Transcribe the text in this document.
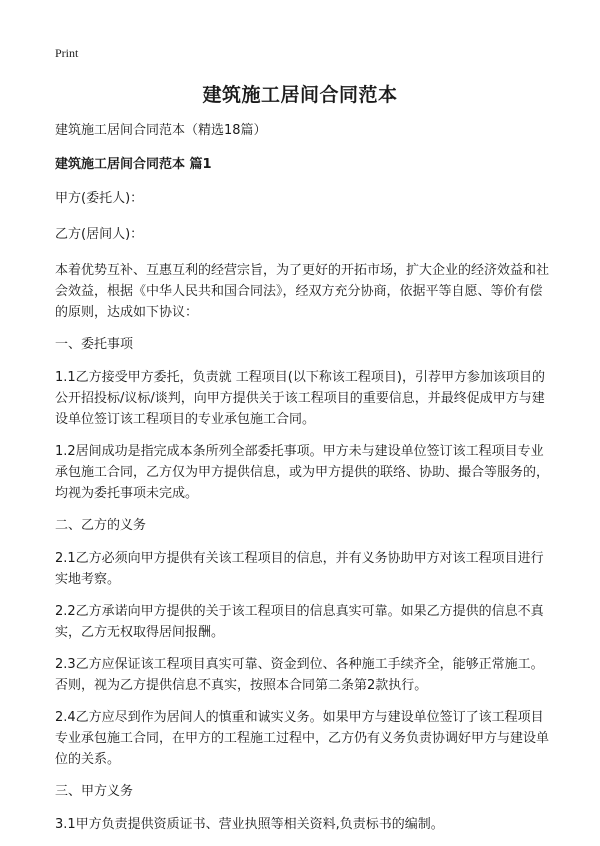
Print
建筑施工居间合同范本

建筑施工居间合同范本（精选18篇）

建筑施工居间合同范本 篇1

甲方(委托人)：

乙方(居间人)：

本着优势互补、互惠互利的经营宗旨，为了更好的开拓市场，扩大企业的经济效益和社会效益，根据《中华人民共和国合同法》，经双方充分协商，依据平等自愿、等价有偿的原则，达成如下协议：

一、委托事项

1.1乙方接受甲方委托，负责就 工程项目(以下称该工程项目)，引荐甲方参加该项目的公开招投标/议标/谈判，向甲方提供关于该工程项目的重要信息，并最终促成甲方与建设单位签订该工程项目的专业承包施工合同。

1.2居间成功是指完成本条所列全部委托事项。甲方未与建设单位签订该工程项目专业承包施工合同，乙方仅为甲方提供信息，或为甲方提供的联络、协助、撮合等服务的，均视为委托事项未完成。

二、乙方的义务

2.1乙方必须向甲方提供有关该工程项目的信息，并有义务协助甲方对该工程项目进行实地考察。

2.2乙方承诺向甲方提供的关于该工程项目的信息真实可靠。如果乙方提供的信息不真实，乙方无权取得居间报酬。

2.3乙方应保证该工程项目真实可靠、资金到位、各种施工手续齐全，能够正常施工。否则，视为乙方提供信息不真实，按照本合同第二条第2款执行。

2.4乙方应尽到作为居间人的慎重和诚实义务。如果甲方与建设单位签订了该工程项目专业承包施工合同，在甲方的工程施工过程中，乙方仍有义务负责协调好甲方与建设单位的关系。

三、甲方义务

3.1甲方负责提供资质证书、营业执照等相关资料,负责标书的编制。
